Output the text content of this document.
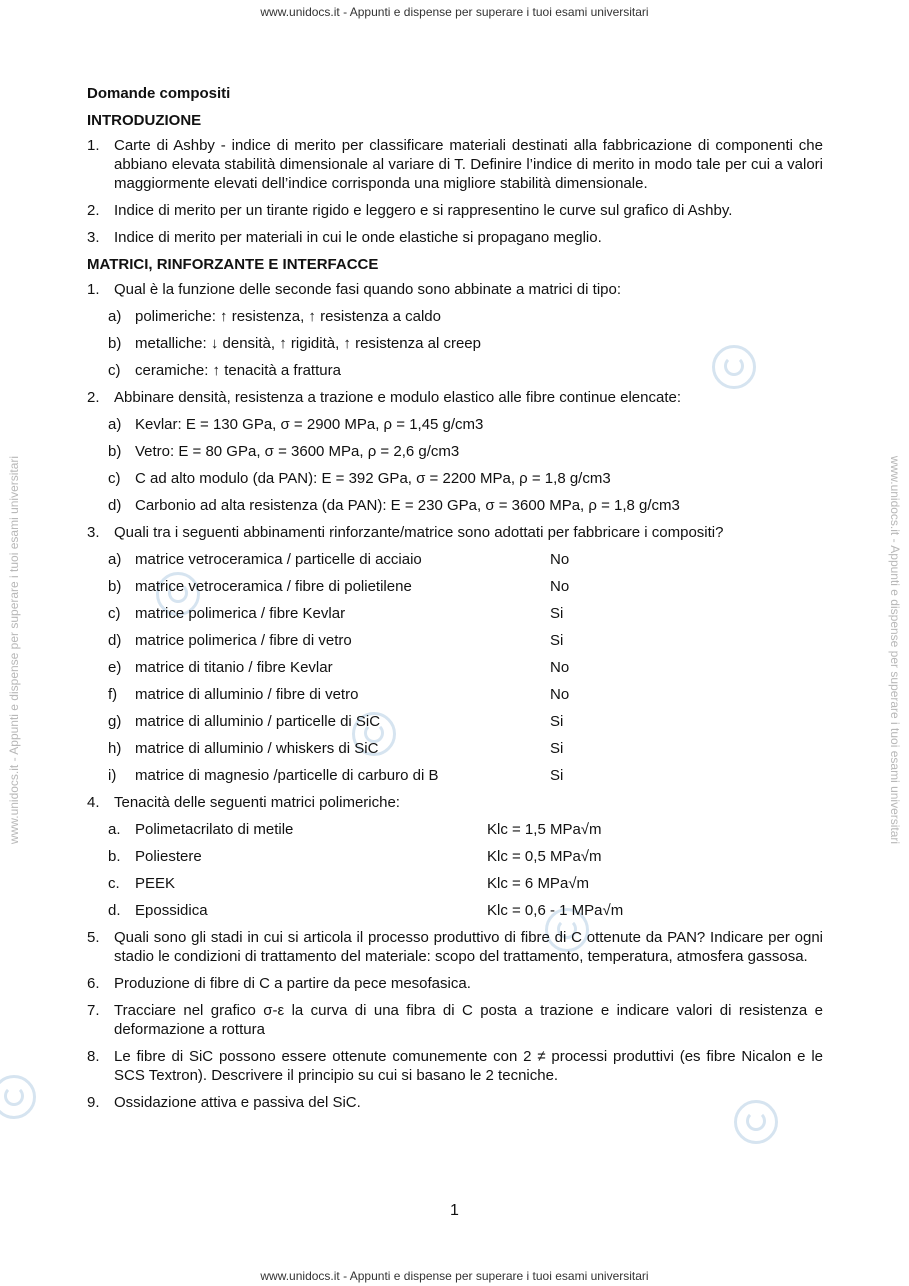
www.unidocs.it - Appunti e dispense per superare i tuoi esami universitari
www.unidocs.it - Appunti e dispense per superare i tuoi esami universitari	www.unidocs.it - Appunti e dispense per superare i tuoi esami universitari
Domande compositi
INTRODUZIONE
1. Carte di Ashby - indice di merito per classificare materiali destinati alla fabbricazione di componenti che abbiano elevata stabilità dimensionale al variare di T. Definire l’indice di merito in modo tale per cui a valori maggiormente elevati dell’indice corrisponda una migliore stabilità dimensionale.
2. Indice di merito per un tirante rigido e leggero e si rappresentino le curve sul grafico di Ashby.
3. Indice di merito per materiali in cui le onde elastiche si propagano meglio.
MATRICI, RINFORZANTE E INTERFACCE
1. Qual è la funzione delle seconde fasi quando sono abbinate a matrici di tipo:
a) polimeriche: ↑ resistenza, ↑ resistenza a caldo
b) metalliche: ↓ densità, ↑ rigidità, ↑ resistenza al creep
c) ceramiche: ↑ tenacità a frattura
2. Abbinare densità, resistenza a trazione e modulo elastico alle fibre continue elencate:
a) Kevlar: E = 130 GPa, σ = 2900 MPa, ρ = 1,45 g/cm3
b) Vetro: E = 80 GPa, σ = 3600 MPa, ρ = 2,6 g/cm3
c) C ad alto modulo (da PAN): E = 392 GPa, σ = 2200 MPa, ρ = 1,8 g/cm3
d) Carbonio ad alta resistenza (da PAN): E = 230 GPa, σ = 3600 MPa, ρ = 1,8 g/cm3
3. Quali tra i seguenti abbinamenti rinforzante/matrice sono adottati per fabbricare i compositi?
a) matrice vetroceramica / particelle di acciaio	No
b) matrice vetroceramica / fibre di polietilene	No
c) matrice polimerica / fibre Kevlar	Si
d) matrice polimerica / fibre di vetro	Si
e) matrice di titanio / fibre Kevlar	No
f) matrice di alluminio / fibre di vetro	No
g) matrice di alluminio / particelle di SiC	Si
h) matrice di alluminio / whiskers di SiC	Si
i) matrice di magnesio /particelle di carburo di B	Si
4. Tenacità delle seguenti matrici polimeriche:
a. Polimetacrilato di metile	Klc = 1,5 MPa√m
b. Poliestere	Klc = 0,5 MPa√m
c. PEEK	Klc = 6 MPa√m
d. Epossidica	Klc = 0,6 - 1 MPa√m
5. Quali sono gli stadi in cui si articola il processo produttivo di fibre di C ottenute da PAN? Indicare per ogni stadio le condizioni di trattamento del materiale: scopo del trattamento, temperatura, atmosfera gassosa.
6. Produzione di fibre di C a partire da pece mesofasica.
7. Tracciare nel grafico σ-ε la curva di una fibra di C posta a trazione e indicare valori di resistenza e deformazione a rottura
8. Le fibre di SiC possono essere ottenute comunemente con 2 ≠ processi produttivi (es fibre Nicalon e le SCS Textron). Descrivere il principio su cui si basano le 2 tecniche.
9. Ossidazione attiva e passiva del SiC.
1
www.unidocs.it - Appunti e dispense per superare i tuoi esami universitari
